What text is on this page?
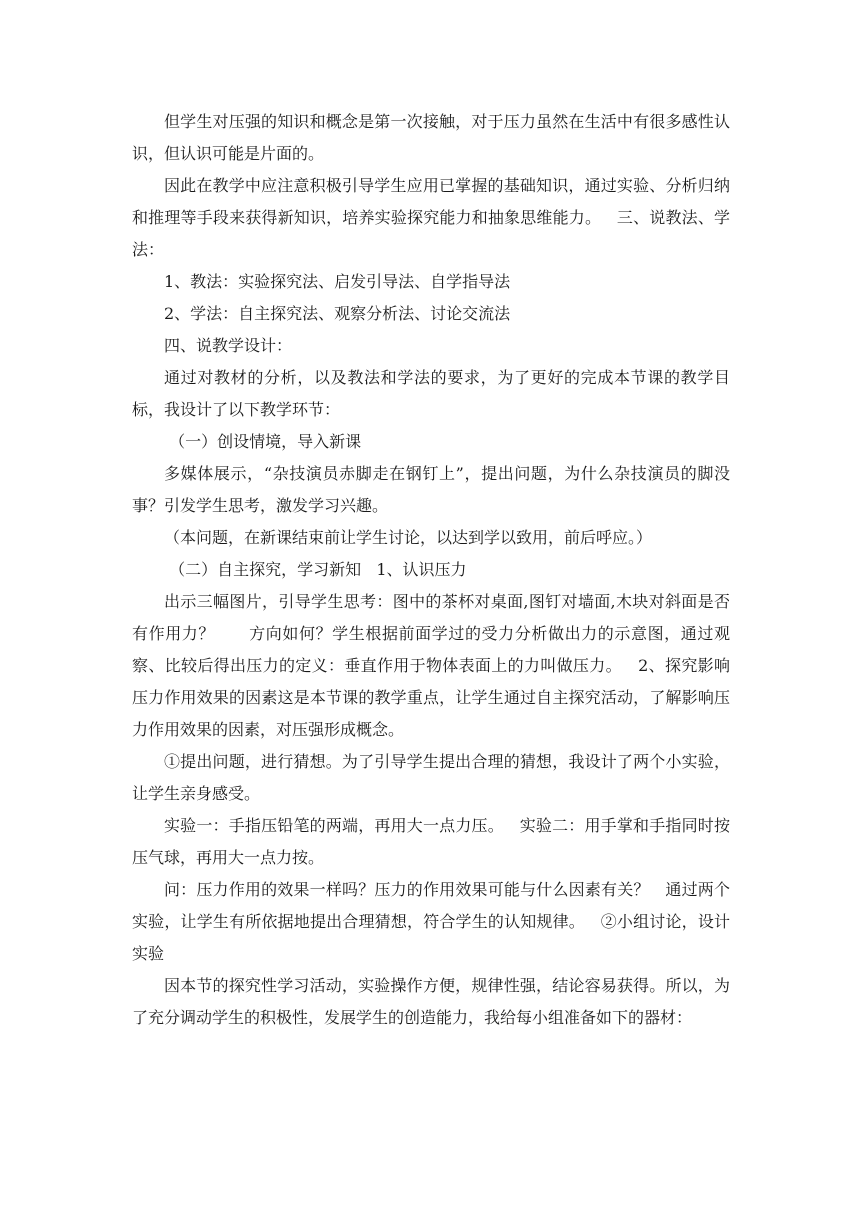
但学生对压强的知识和概念是第一次接触，对于压力虽然在生活中有很多感性认识，但认识可能是片面的。

因此在教学中应注意积极引导学生应用已掌握的基础知识，通过实验、分析归纳和推理等手段来获得新知识，培养实验探究能力和抽象思维能力。   三、说教法、学法：

1、教法：实验探究法、启发引导法、自学指导法

2、学法：自主探究法、观察分析法、讨论交流法

四、说教学设计：

通过对教材的分析，以及教法和学法的要求，为了更好的完成本节课的教学目标，我设计了以下教学环节：

（一）创设情境，导入新课

多媒体展示，“杂技演员赤脚走在钢钉上”，提出问题，为什么杂技演员的脚没事？引发学生思考，激发学习兴趣。

（本问题，在新课结束前让学生讨论，以达到学以致用，前后呼应。）

（二）自主探究，学习新知   1、认识压力

出示三幅图片，引导学生思考：图中的茶杯对桌面,图钉对墙面,木块对斜面是否有作用力？      方向如何？学生根据前面学过的受力分析做出力的示意图，通过观察、比较后得出压力的定义：垂直作用于物体表面上的力叫做压力。   2、探究影响压力作用效果的因素这是本节课的教学重点，让学生通过自主探究活动，了解影响压力作用效果的因素，对压强形成概念。

①提出问题，进行猜想。为了引导学生提出合理的猜想，我设计了两个小实验，让学生亲身感受。

实验一：手指压铅笔的两端，再用大一点力压。   实验二：用手掌和手指同时按压气球，再用大一点力按。

问：压力作用的效果一样吗？压力的作用效果可能与什么因素有关？   通过两个实验，让学生有所依据地提出合理猜想，符合学生的认知规律。   ②小组讨论，设计实验

因本节的探究性学习活动，实验操作方便，规律性强，结论容易获得。所以，为了充分调动学生的积极性，发展学生的创造能力，我给每小组准备如下的器材：
